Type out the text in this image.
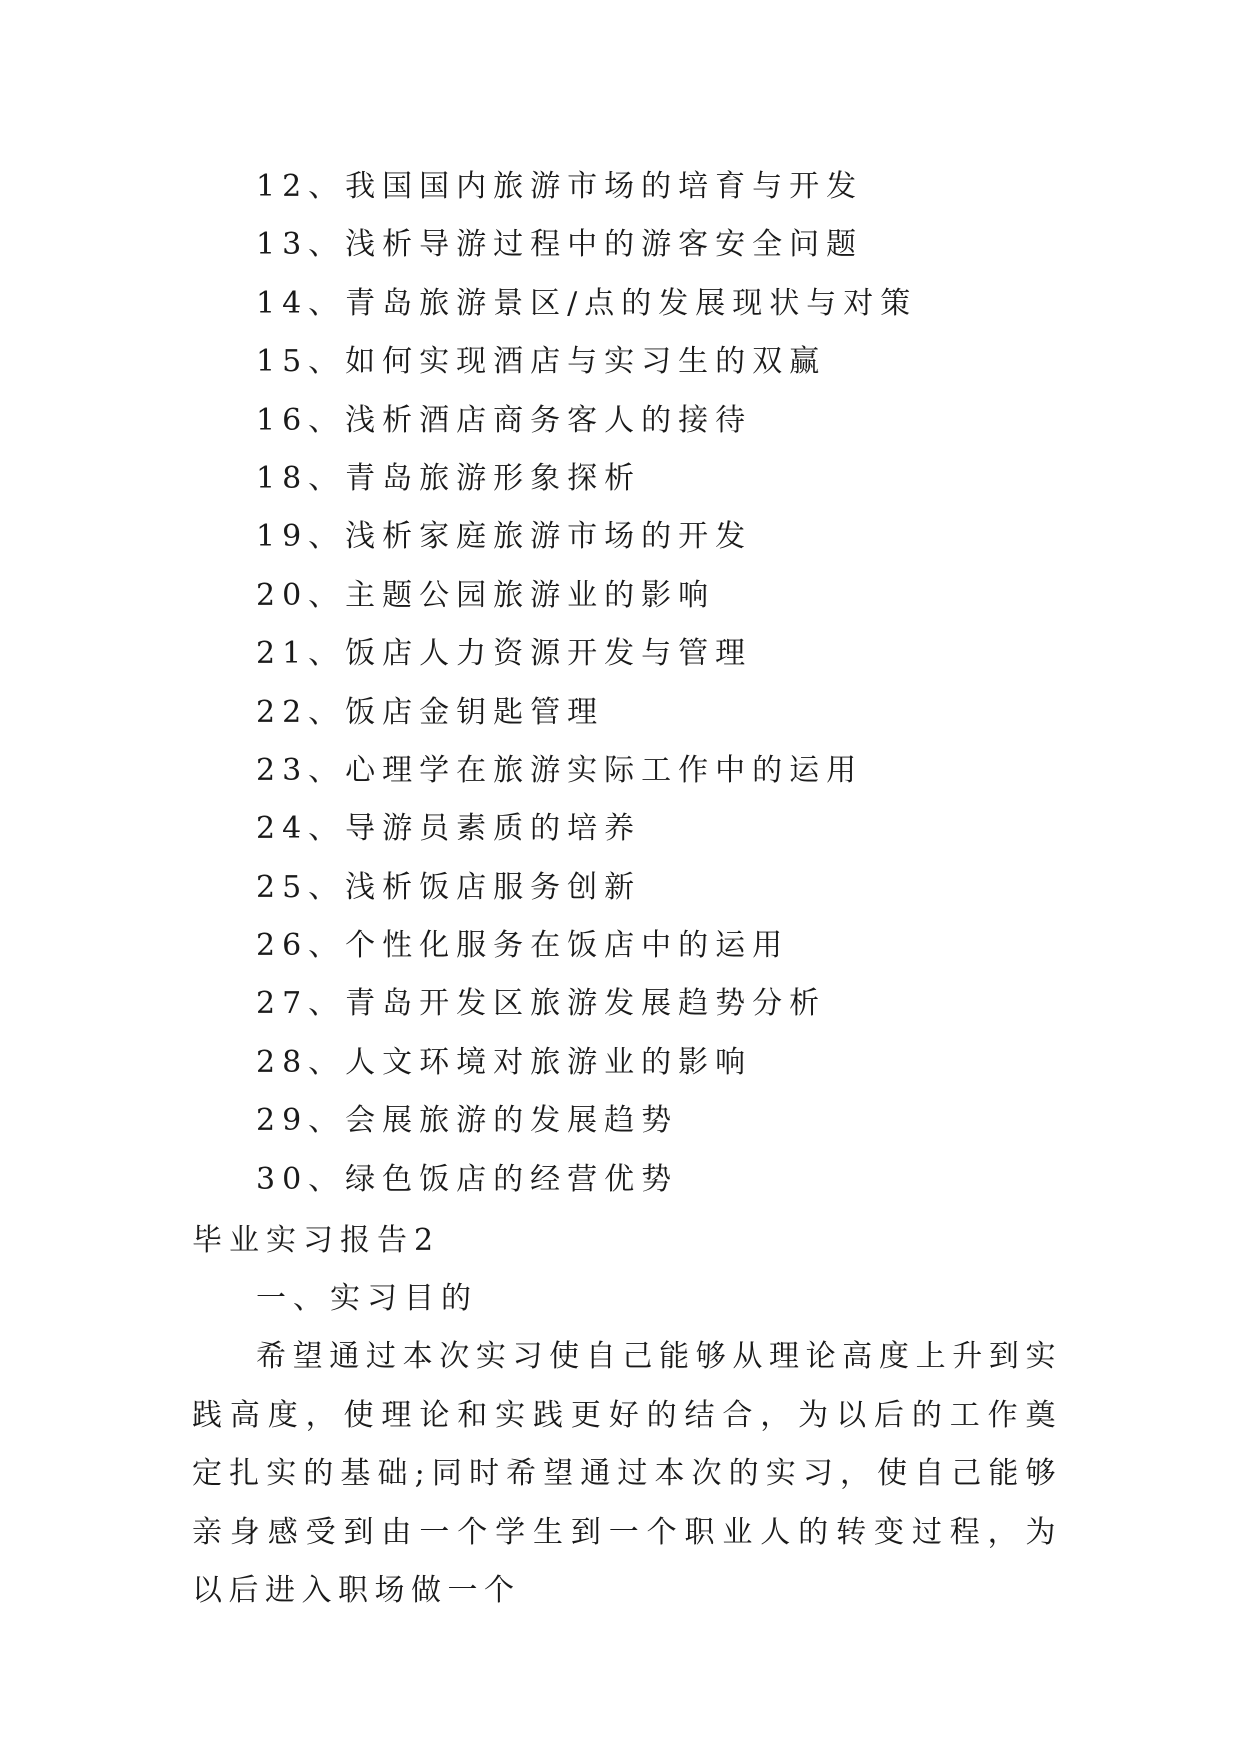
12、我国国内旅游市场的培育与开发
13、浅析导游过程中的游客安全问题
14、青岛旅游景区/点的发展现状与对策
15、如何实现酒店与实习生的双赢
16、浅析酒店商务客人的接待
18、青岛旅游形象探析
19、浅析家庭旅游市场的开发
20、主题公园旅游业的影响
21、饭店人力资源开发与管理
22、饭店金钥匙管理
23、心理学在旅游实际工作中的运用
24、导游员素质的培养
25、浅析饭店服务创新
26、个性化服务在饭店中的运用
27、青岛开发区旅游发展趋势分析
28、人文环境对旅游业的影响
29、会展旅游的发展趋势
30、绿色饭店的经营优势
毕业实习报告2
一、实习目的

希望通过本次实习使自己能够从理论高度上升到实践高度，使理论和实践更好的结合，为以后的工作奠定扎实的基础;同时希望通过本次的实习，使自己能够亲身感受到由一个学生到一个职业人的转变过程，为以后进入职场做一个
